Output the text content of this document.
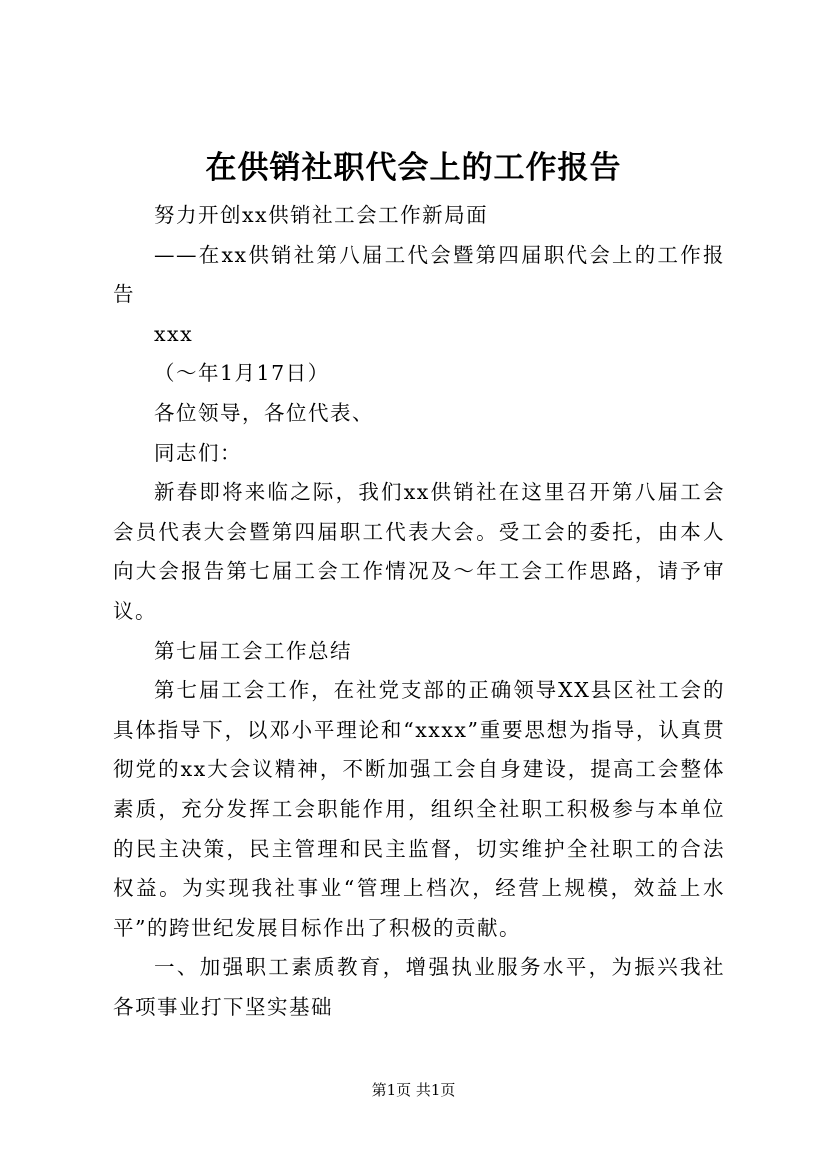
在供销社职代会上的工作报告

努力开创xx供销社工会工作新局面

——在xx供销社第八届工代会暨第四届职代会上的工作报告

xxx

（～年1月17日）

各位领导，各位代表、

同志们：

新春即将来临之际，我们xx供销社在这里召开第八届工会会员代表大会暨第四届职工代表大会。受工会的委托，由本人向大会报告第七届工会工作情况及～年工会工作思路，请予审议。

第七届工会工作总结

第七届工会工作，在社党支部的正确领导XX县区社工会的具体指导下，以邓小平理论和“xxxx”重要思想为指导，认真贯彻党的xx大会议精神，不断加强工会自身建设，提高工会整体素质，充分发挥工会职能作用，组织全社职工积极参与本单位的民主决策，民主管理和民主监督，切实维护全社职工的合法权益。为实现我社事业“管理上档次，经营上规模，效益上水平”的跨世纪发展目标作出了积极的贡献。

一、加强职工素质教育，增强执业服务水平，为振兴我社各项事业打下坚实基础

第1页 共1页
